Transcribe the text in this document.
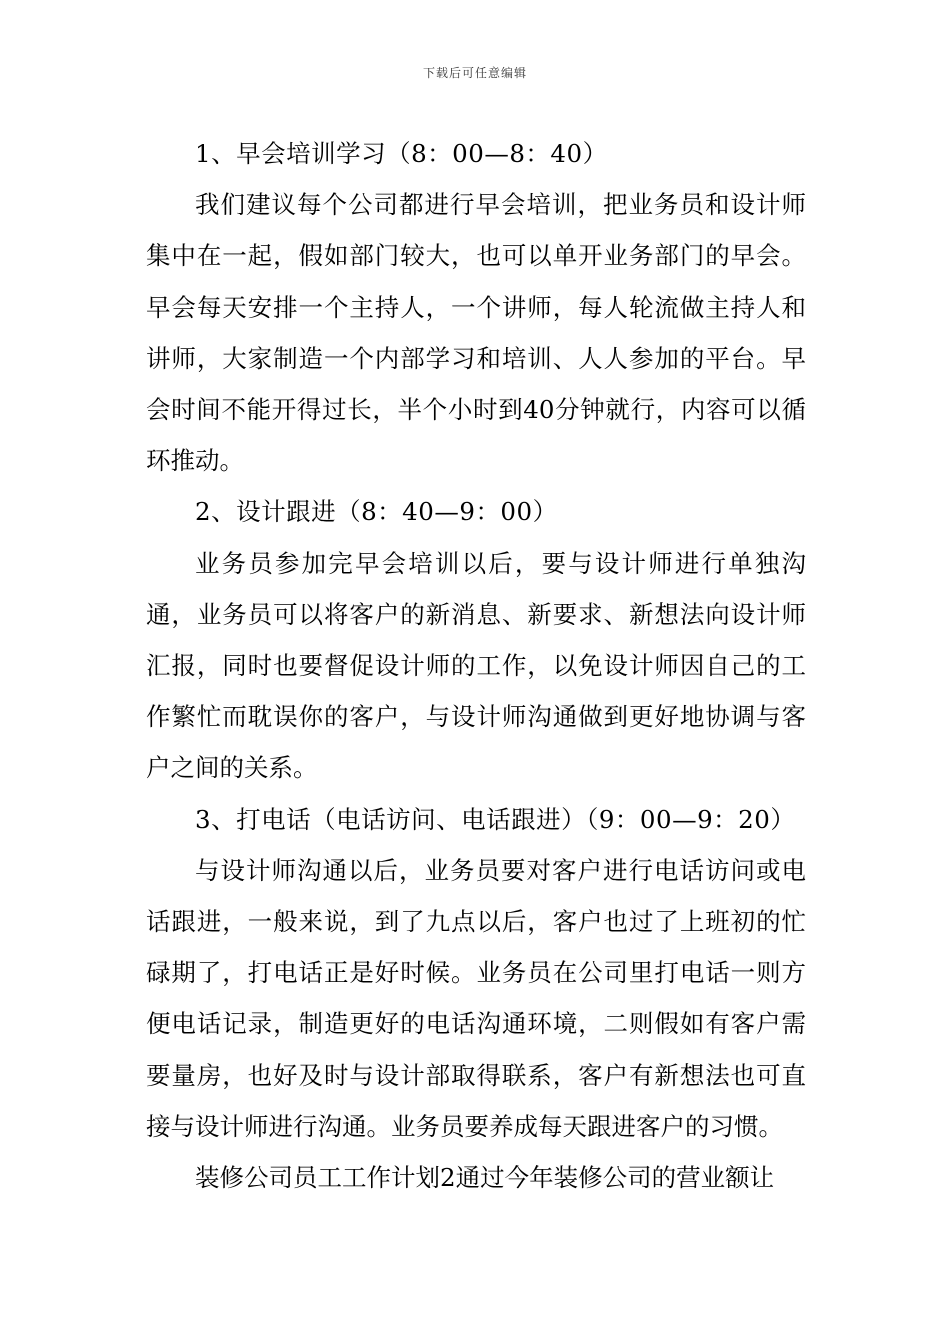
下载后可任意编辑

1、早会培训学习（8：00—8：40）

我们建议每个公司都进行早会培训，把业务员和设计师集中在一起，假如部门较大，也可以单开业务部门的早会。早会每天安排一个主持人，一个讲师，每人轮流做主持人和讲师，大家制造一个内部学习和培训、人人参加的平台。早会时间不能开得过长，半个小时到40分钟就行，内容可以循环推动。

2、设计跟进（8：40—9：00）

业务员参加完早会培训以后，要与设计师进行单独沟通，业务员可以将客户的新消息、新要求、新想法向设计师汇报，同时也要督促设计师的工作，以免设计师因自己的工作繁忙而耽误你的客户，与设计师沟通做到更好地协调与客户之间的关系。

3、打电话（电话访问、电话跟进）（9：00—9：20）

与设计师沟通以后，业务员要对客户进行电话访问或电话跟进，一般来说，到了九点以后，客户也过了上班初的忙碌期了，打电话正是好时候。业务员在公司里打电话一则方便电话记录，制造更好的电话沟通环境，二则假如有客户需要量房，也好及时与设计部取得联系，客户有新想法也可直接与设计师进行沟通。业务员要养成每天跟进客户的习惯。

装修公司员工工作计划2通过今年装修公司的营业额让
